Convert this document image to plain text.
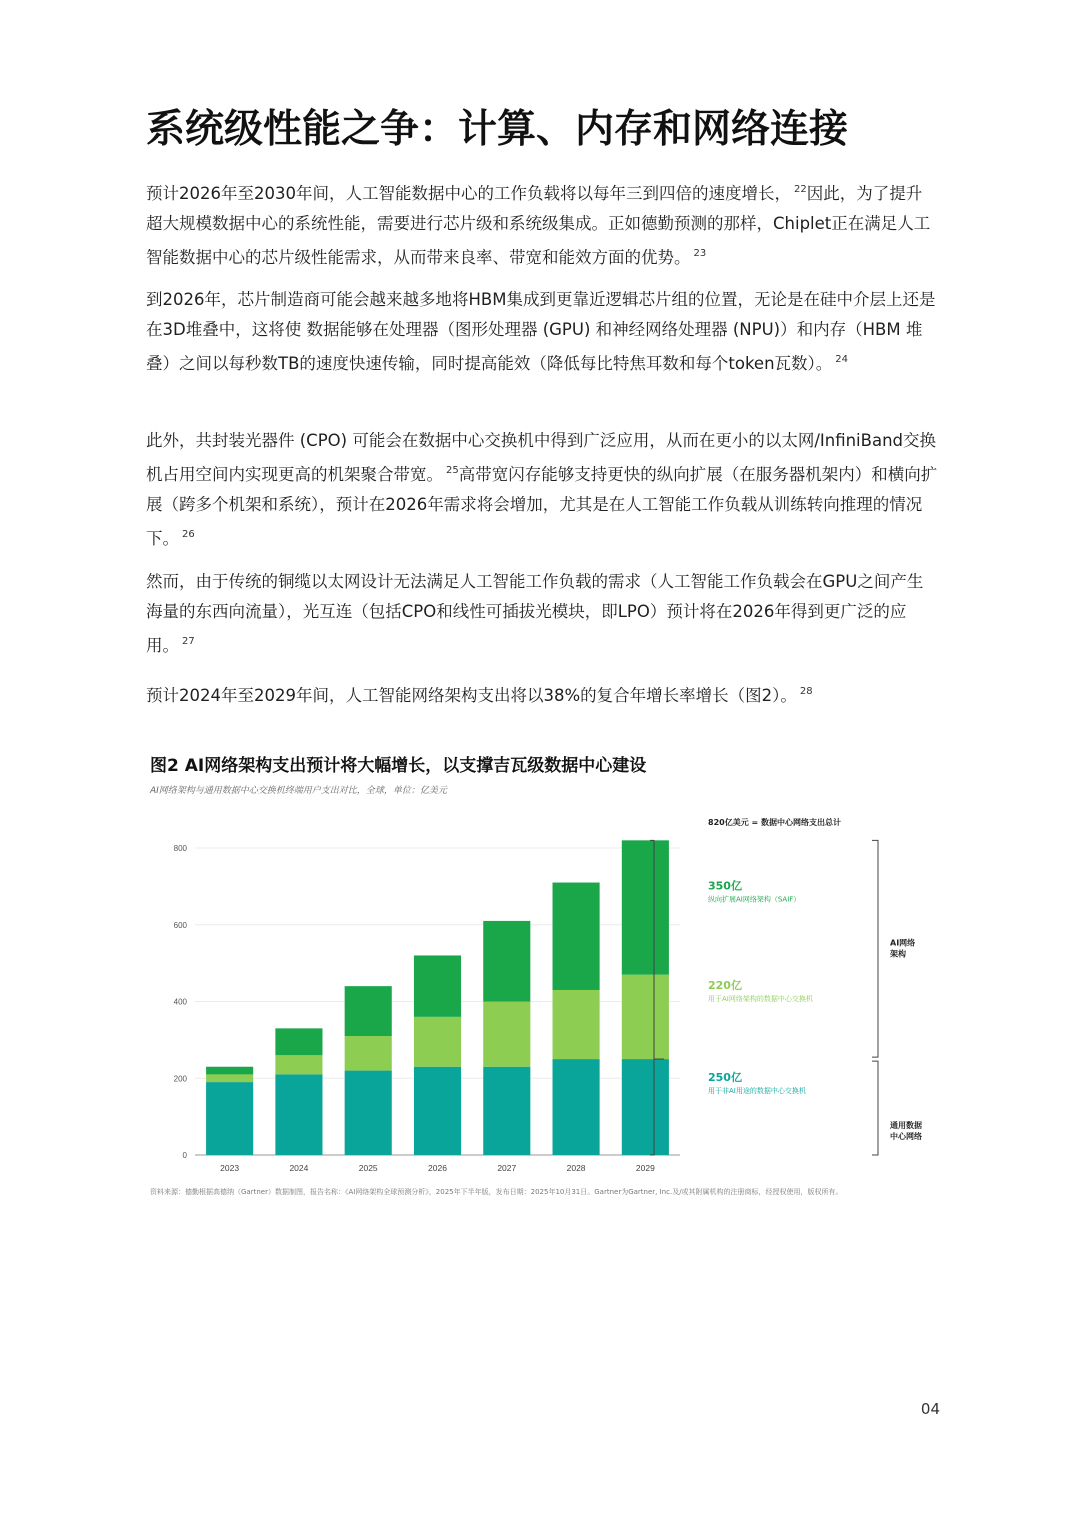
系统级性能之争：计算、内存和网络连接

预计2026年至2030年间，人工智能数据中心的工作负载将以每年三到四倍的速度增长， $^{22}$因此，为了提升超大规模数据中心的系统性能，需要进行芯片级和系统级集成。正如德勤预测的那样，Chiplet正在满足人工智能数据中心的芯片级性能需求，从而带来良率、带宽和能效方面的优势。 $^{23}$

到2026年，芯片制造商可能会越来越多地将HBM集成到更靠近逻辑芯片组的位置，无论是在硅中介层上还是在3D堆叠中，这将使 数据能够在处理器（图形处理器 (GPU) 和神经网络处理器 (NPU)）和内存（HBM 堆叠）之间以每秒数TB的速度快速传输，同时提高能效（降低每比特焦耳数和每个token瓦数）。 $^{24}$

此外，共封装光器件 (CPO) 可能会在数据中心交换机中得到广泛应用，从而在更小的以太网/InfiniBand交换机占用空间内实现更高的机架聚合带宽。 $^{25}$高带宽闪存能够支持更快的纵向扩展（在服务器机架内）和横向扩展（跨多个机架和系统），预计在2026年需求将会增加，尤其是在人工智能工作负载从训练转向推理的情况下。 $^{26}$

然而，由于传统的铜缆以太网设计无法满足人工智能工作负载的需求（人工智能工作负载会在GPU之间产生海量的东西向流量），光互连（包括CPO和线性可插拔光模块，即LPO）预计将在2026年得到更广泛的应用。 $^{27}$

预计2024年至2029年间，人工智能网络架构支出将以38%的复合年增长率增长（图2）。 $^{28}$

图2 AI网络架构支出预计将大幅增长，以支撑吉瓦级数据中心建设
AI网络架构与通用数据中心交换机终端用户支出对比，全球，单位：亿美元
0
200
400
600
800
2023	2024	2025	2026	2027	2028	2029
820亿美元 = 数据中心网络支出总计
350亿
纵向扩展AI网络架构（SAIF）
220亿
用于AI网络架构的数据中心交换机
250亿
用于非AI用途的数据中心交换机
AI网络
架构
通用数据
中心网络
资料来源：德勤根据高德纳（Gartner）数据制图，报告名称：《AI网络架构全球预测分析》，2025年下半年版，发布日期：2025年10月31日。Gartner为Gartner, Inc.及/或其附属机构的注册商标，经授权使用，版权所有。
04
